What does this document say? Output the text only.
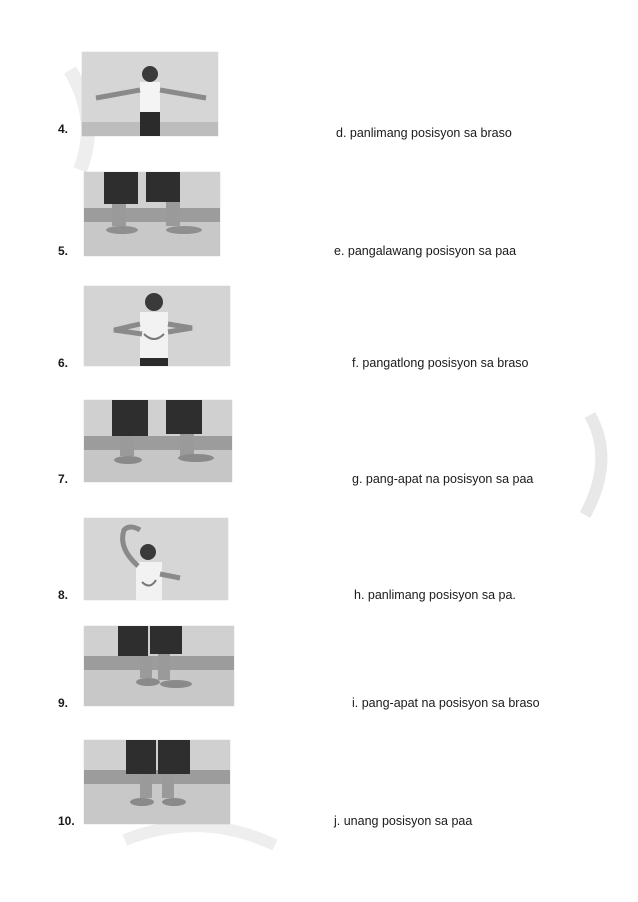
4.	d. panlimang posisyon sa braso
5.	e. pangalawang posisyon sa paa
6.	f. pangatlong posisyon sa braso
7.	g. pang-apat na posisyon sa paa
8.	h. panlimang posisyon sa pa.
9.	i. pang-apat na posisyon sa braso
10.	j. unang posisyon sa paa
